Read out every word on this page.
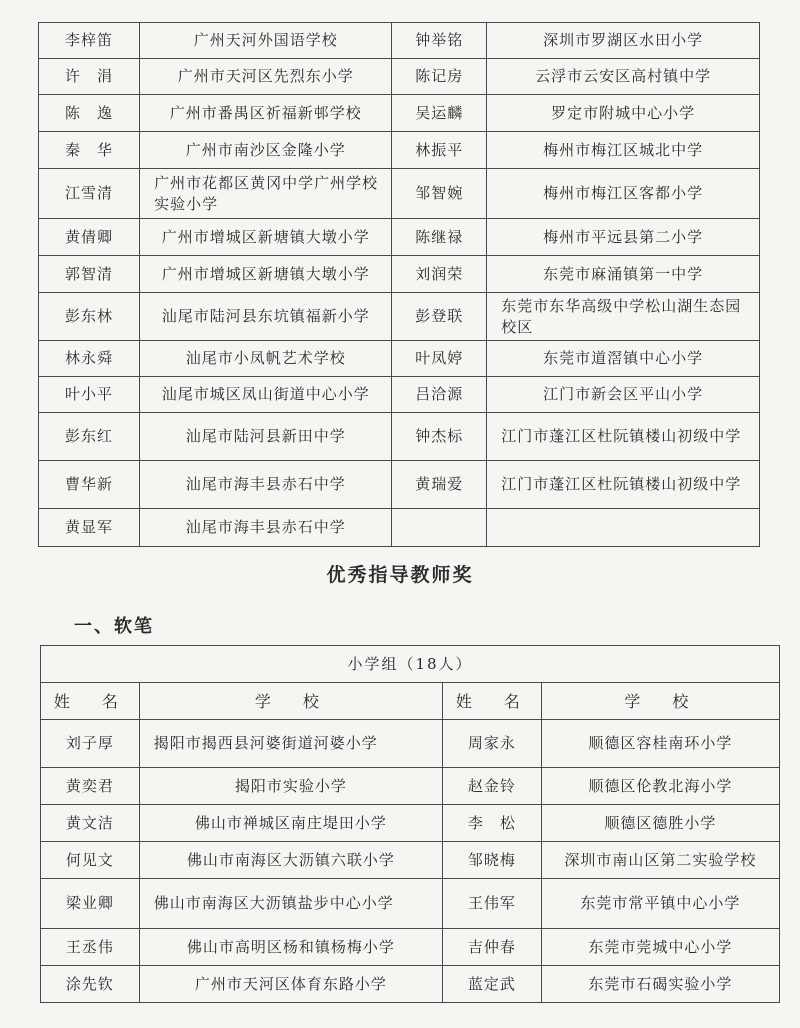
李梓笛	广州天河外国语学校	钟举铭	深圳市罗湖区水田小学
许　涓	广州市天河区先烈东小学	陈记房	云浮市云安区高村镇中学
陈　逸	广州市番禺区祈福新邨学校	吴运麟	罗定市附城中心小学
秦　华	广州市南沙区金隆小学	林振平	梅州市梅江区城北中学
江雪清	广州市花都区黄冈中学广州学校实验小学	邹智婉	梅州市梅江区客都小学
黄倩卿	广州市增城区新塘镇大墩小学	陈继禄	梅州市平远县第二小学
郭智清	广州市增城区新塘镇大墩小学	刘润荣	东莞市麻涌镇第一中学
彭东林	汕尾市陆河县东坑镇福新小学	彭登联	东莞市东华高级中学松山湖生态园校区
林永舜	汕尾市小凤帆艺术学校	叶凤婷	东莞市道滘镇中心小学
叶小平	汕尾市城区凤山街道中心小学	吕洽源	江门市新会区平山小学
彭东红	汕尾市陆河县新田中学	钟杰标	江门市蓬江区杜阮镇楼山初级中学
曹华新	汕尾市海丰县赤石中学	黄瑞爱	江门市蓬江区杜阮镇楼山初级中学
黄显军	汕尾市海丰县赤石中学		
优秀指导教师奖
一、软笔
小学组（18人）			
姓　名	学　校	姓　名	学　校
刘子厚	揭阳市揭西县河婆街道河婆小学	周家永	顺德区容桂南环小学
黄奕君	揭阳市实验小学	赵金铃	顺德区伦教北海小学
黄文洁	佛山市禅城区南庄堤田小学	李　松	顺德区德胜小学
何见文	佛山市南海区大沥镇六联小学	邹晓梅	深圳市南山区第二实验学校
梁业卿	佛山市南海区大沥镇盐步中心小学	王伟军	东莞市常平镇中心小学
王丞伟	佛山市高明区杨和镇杨梅小学	吉仲春	东莞市莞城中心小学
涂先钦	广州市天河区体育东路小学	蓝定武	东莞市石碣实验小学
